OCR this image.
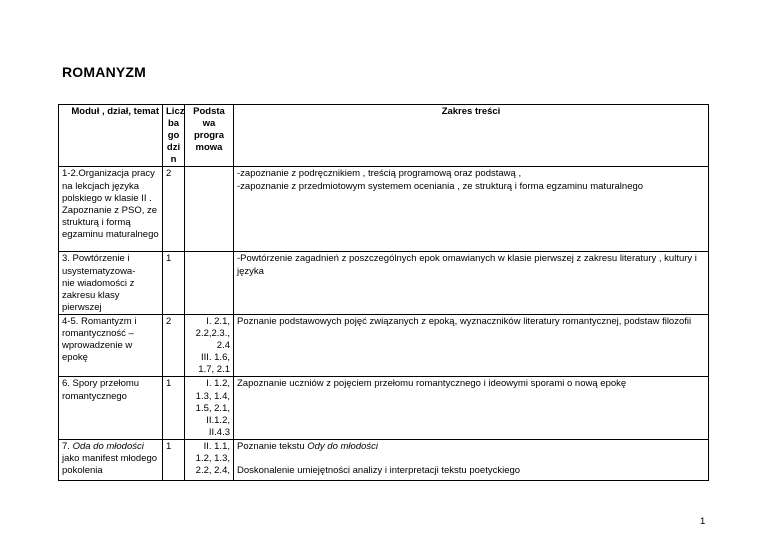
ROMANYZM
Moduł , dział, temat	Licz
ba
go
dzi
n	Podsta
wa
progra
mowa	Zakres treści
1-2.Organizacja pracy na lekcjach języka polskiego w klasie II . Zapoznanie z PSO, ze strukturą i formą egzaminu maturalnego	2		-zapoznanie z podręcznikiem , treścią programową oraz podstawą ,
-zapoznanie z przedmiotowym systemem oceniania , ze strukturą i forma egzaminu maturalnego

3. Powtórzenie i usystematyzowa-
nie wiadomości z zakresu klasy pierwszej	1		-Powtórzenie zagadnień z poszczególnych epok omawianych w klasie pierwszej z zakresu literatury , kultury i języka

4-5. Romantyzm i romantyczność – wprowadzenie w epokę	2	I. 2.1,
2.2,2.3.,
2.4
III. 1.6,
1.7, 2.1	Poznanie podstawowych pojęć związanych z epoką, wyznaczników literatury romantycznej, podstaw filozofii

6. Spory przełomu romantycznego	1	I. 1.2,
1.3, 1.4,
1.5, 2.1,
II.1.2,
II.4.3	Zapoznanie uczniów z pojęciem przełomu romantycznego i ideowymi sporami o nową epokę

7. Oda do młodości jako manifest młodego pokolenia	1	II. 1.1,
1.2, 1.3,
2.2, 2.4,	Poznanie tekstu Ody do młodości
Doskonalenie umiejętności analizy i interpretacji tekstu poetyckiego
1
